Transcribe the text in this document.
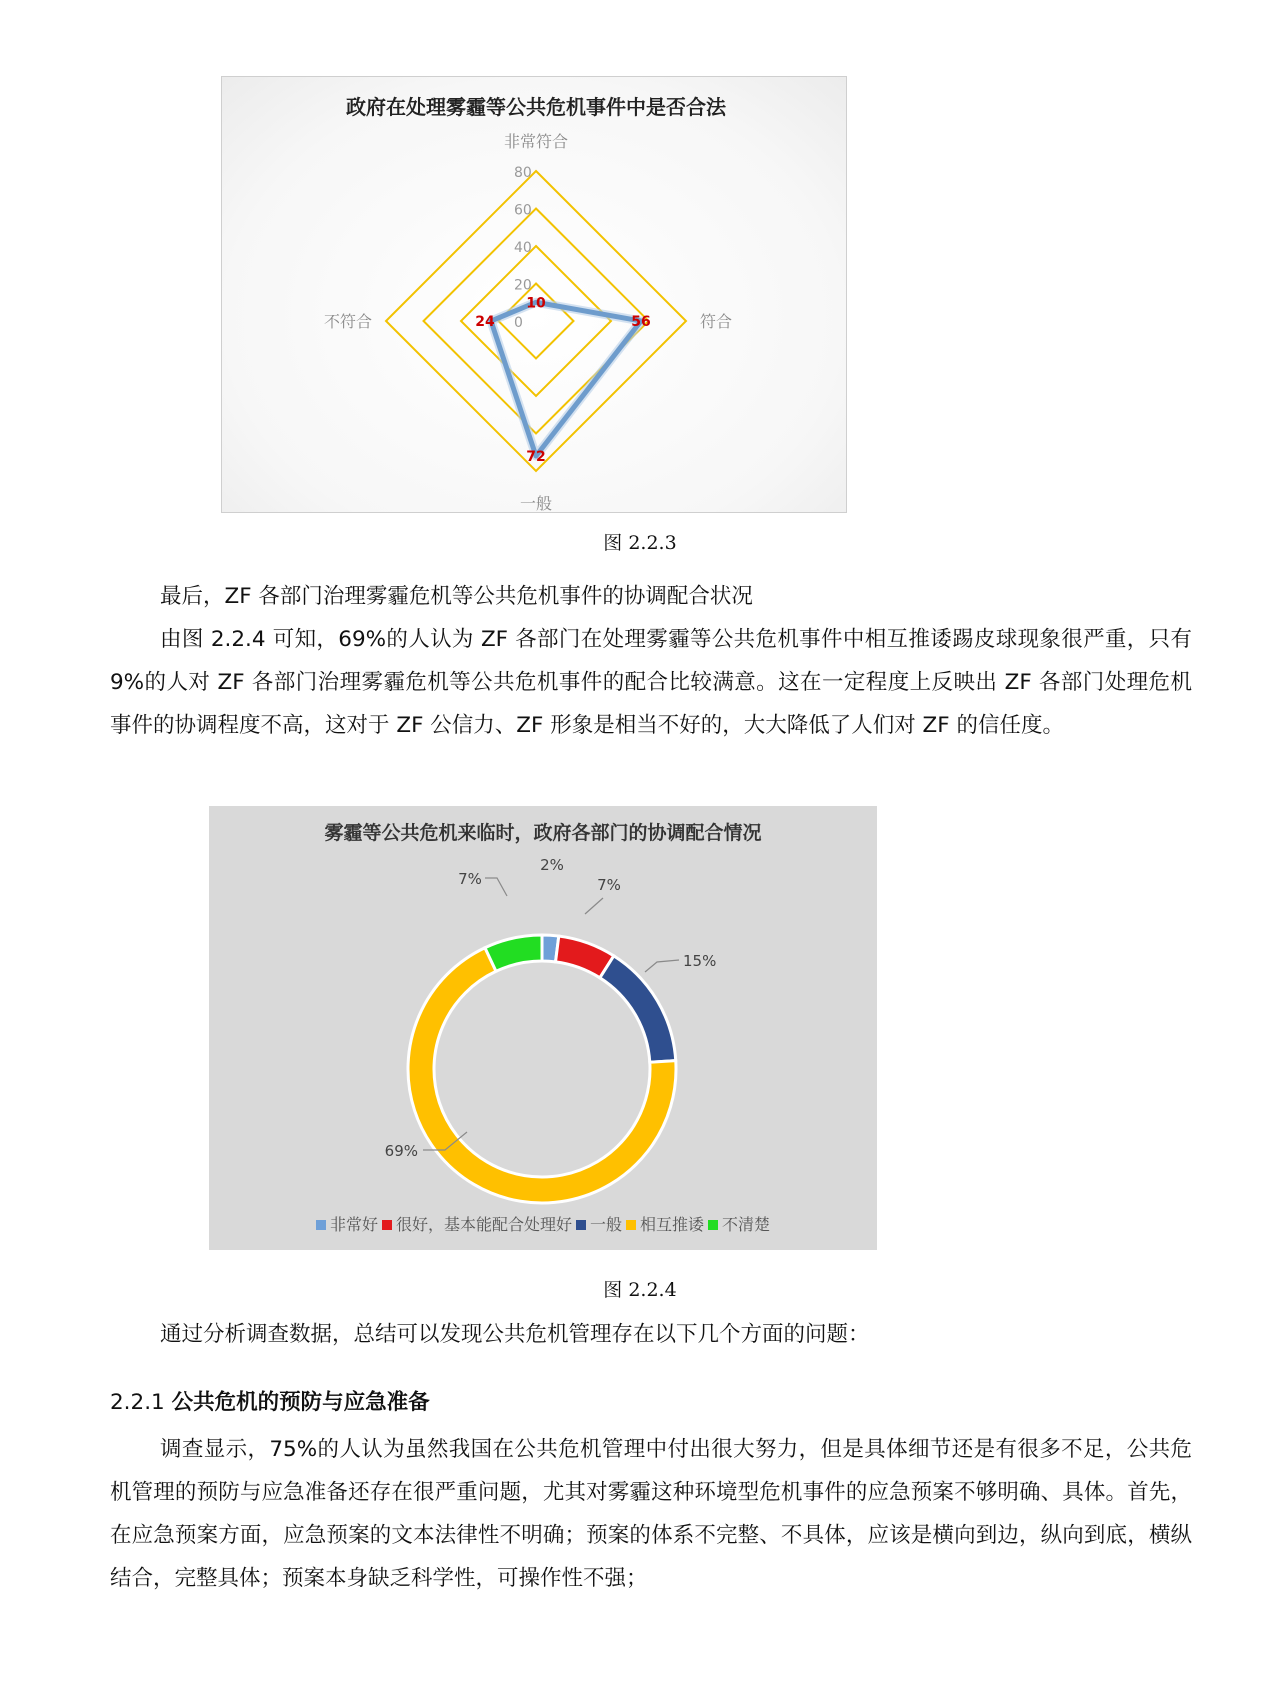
政府在处理雾霾等公共危机事件中是否合法
0
20
40
60
80
非常符合
符合
一般
不符合
10
56
72
24
图 2.2.3

最后，ZF 各部门治理雾霾危机等公共危机事件的协调配合状况

由图 2.2.4 可知，69%的人认为 ZF 各部门在处理雾霾等公共危机事件中相互推诿踢皮球现象很严重，只有 9%的人对 ZF 各部门治理雾霾危机等公共危机事件的配合比较满意。这在一定程度上反映出 ZF 各部门处理危机事件的协调程度不高，这对于 ZF 公信力、ZF 形象是相当不好的，大大降低了人们对 ZF 的信任度。

雾霾等公共危机来临时，政府各部门的协调配合情况
2%
7%
15%
69%
7%
非常好 很好，基本能配合处理好 一般 相互推诿 不清楚
图 2.2.4

通过分析调查数据，总结可以发现公共危机管理存在以下几个方面的问题：

2.2.1 公共危机的预防与应急准备

调查显示，75%的人认为虽然我国在公共危机管理中付出很大努力，但是具体细节还是有很多不足，公共危机管理的预防与应急准备还存在很严重问题，尤其对雾霾这种环境型危机事件的应急预案不够明确、具体。首先，在应急预案方面，应急预案的文本法律性不明确；预案的体系不完整、不具体，应该是横向到边，纵向到底，横纵结合，完整具体；预案本身缺乏科学性，可操作性不强；
